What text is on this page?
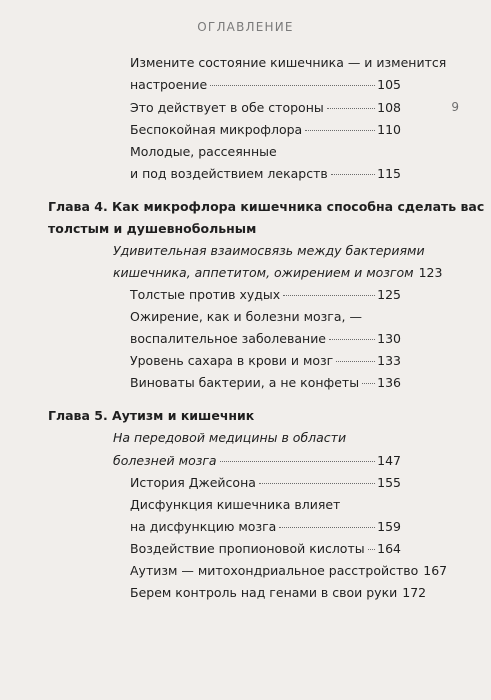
ОГЛАВЛЕНИЕ
9
Измените состояние кишечника — и изменится
настроение	105
Это действует в обе стороны	108
Беспокойная микрофлора	110
Молодые, рассеянные
и под воздействием лекарств	115
Глава 4. Как микрофлора кишечника способна сделать вас
толстым и душевнобольным
Удивительная взаимосвязь между бактериями
кишечника, аппетитом, ожирением и мозгом 123
Толстые против худых	125
Ожирение, как и болезни мозга, —
воспалительное заболевание	130
Уровень сахара в крови и мозг	133
Виноваты бактерии, а не конфеты 136
Глава 5. Аутизм и кишечник
На передовой медицины в области
болезней мозга	147
История Джейсона	155
Дисфункция кишечника влияет
на дисфункцию мозга	159
Воздействие пропионовой кислоты 164
Аутизм — митохондриальное расстройство 167
Берем контроль над генами в свои руки 172
